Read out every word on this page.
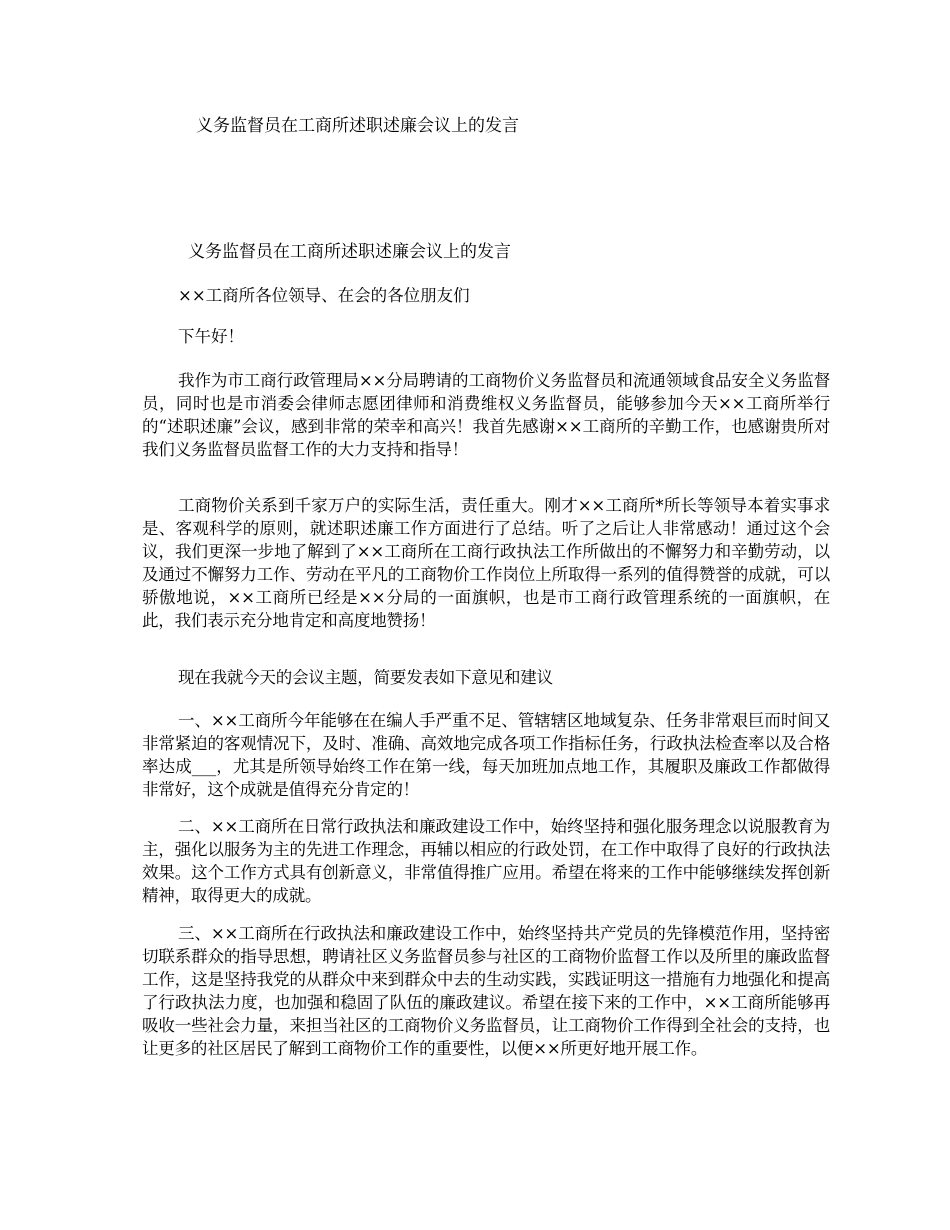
义务监督员在工商所述职述廉会议上的发言
义务监督员在工商所述职述廉会议上的发言
××工商所各位领导、在会的各位朋友们
下午好！

我作为市工商行政管理局××分局聘请的工商物价义务监督员和流通领域食品安全义务监督员，同时也是市消委会律师志愿团律师和消费维权义务监督员，能够参加今天××工商所举行的“述职述廉”会议，感到非常的荣幸和高兴！我首先感谢××工商所的辛勤工作，也感谢贵所对我们义务监督员监督工作的大力支持和指导！

工商物价关系到千家万户的实际生活，责任重大。刚才××工商所*所长等领导本着实事求是、客观科学的原则，就述职述廉工作方面进行了总结。听了之后让人非常感动！通过这个会议，我们更深一步地了解到了××工商所在工商行政执法工作所做出的不懈努力和辛勤劳动，以及通过不懈努力工作、劳动在平凡的工商物价工作岗位上所取得一系列的值得赞誉的成就，可以骄傲地说，××工商所已经是××分局的一面旗帜，也是市工商行政管理系统的一面旗帜，在此，我们表示充分地肯定和高度地赞扬！

现在我就今天的会议主题，简要发表如下意见和建议

一、××工商所今年能够在在编人手严重不足、管辖辖区地域复杂、任务非常艰巨而时间又非常紧迫的客观情况下，及时、准确、高效地完成各项工作指标任务，行政执法检查率以及合格率达成___，尤其是所领导始终工作在第一线，每天加班加点地工作，其履职及廉政工作都做得非常好，这个成就是值得充分肯定的！

二、××工商所在日常行政执法和廉政建设工作中，始终坚持和强化服务理念以说服教育为主，强化以服务为主的先进工作理念，再辅以相应的行政处罚，在工作中取得了良好的行政执法效果。这个工作方式具有创新意义，非常值得推广应用。希望在将来的工作中能够继续发挥创新精神，取得更大的成就。

三、××工商所在行政执法和廉政建设工作中，始终坚持共产党员的先锋模范作用，坚持密切联系群众的指导思想，聘请社区义务监督员参与社区的工商物价监督工作以及所里的廉政监督工作，这是坚持我党的从群众中来到群众中去的生动实践，实践证明这一措施有力地强化和提高了行政执法力度，也加强和稳固了队伍的廉政建议。希望在接下来的工作中，××工商所能够再吸收一些社会力量，来担当社区的工商物价义务监督员，让工商物价工作得到全社会的支持，也让更多的社区居民了解到工商物价工作的重要性，以便××所更好地开展工作。
